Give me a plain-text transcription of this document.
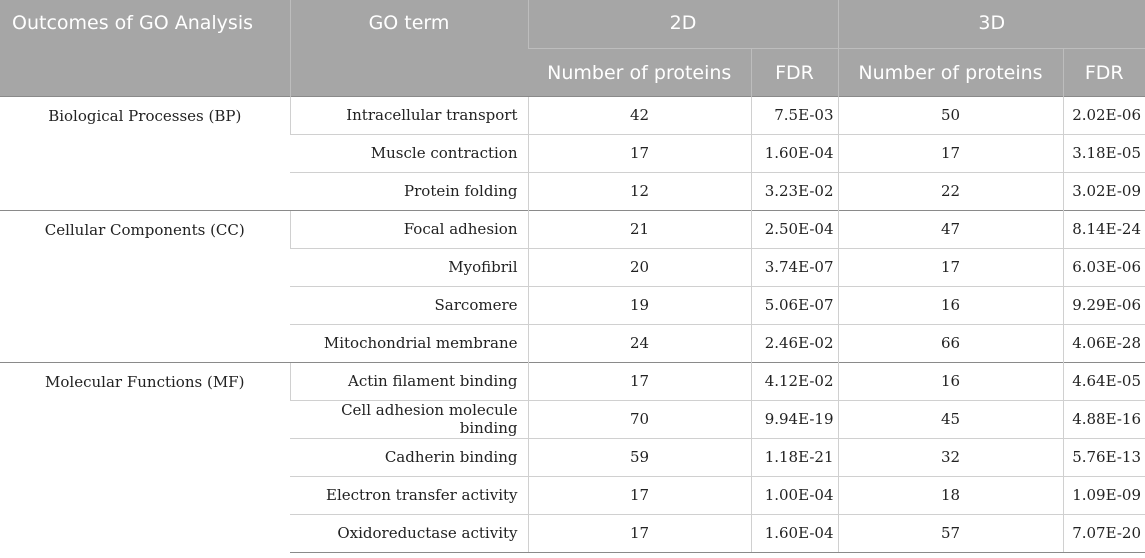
Outcomes of GO Analysis	GO term	2D		3D	
		Number of proteins	FDR	Number of proteins	FDR
Biological Processes (BP)	Intracellular transport	42	7.5E-03	50	2.02E-06
	Muscle contraction	17	1.60E-04	17	3.18E-05
	Protein folding	12	3.23E-02	22	3.02E-09
Cellular Components (CC)	Focal adhesion	21	2.50E-04	47	8.14E-24
	Myofibril	20	3.74E-07	17	6.03E-06
	Sarcomere	19	5.06E-07	16	9.29E-06
	Mitochondrial membrane	24	2.46E-02	66	4.06E-28
Molecular Functions (MF)	Actin filament binding	17	4.12E-02	16	4.64E-05
	Cell adhesion molecule binding	70	9.94E-19	45	4.88E-16
	Cadherin binding	59	1.18E-21	32	5.76E-13
	Electron transfer activity	17	1.00E-04	18	1.09E-09
	Oxidoreductase activity	17	1.60E-04	57	7.07E-20
